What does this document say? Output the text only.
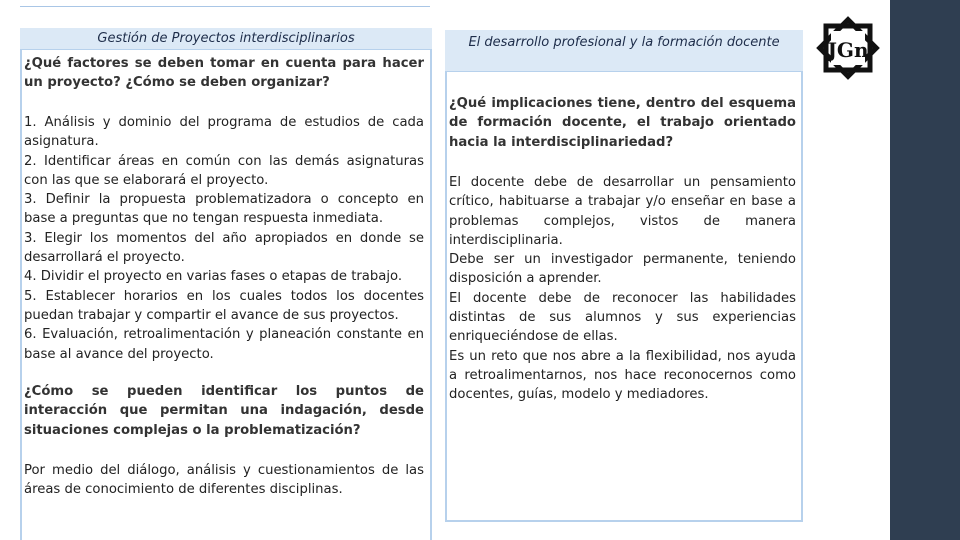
Gestión de Proyectos interdisciplinarios
¿Qué factores se deben tomar en cuenta para hacer un proyecto? ¿Cómo se deben organizar?
1. Análisis y dominio del programa de estudios de cada asignatura.
2. Identificar áreas en común con las demás asignaturas con las que se elaborará el proyecto.
3. Definir la propuesta problematizadora o concepto en base a preguntas que no tengan respuesta inmediata.
3. Elegir los momentos del año apropiados en donde se desarrollará el proyecto.
4. Dividir el proyecto en varias fases o etapas de trabajo.
5. Establecer horarios en los cuales todos los docentes puedan trabajar y compartir el avance de sus proyectos.
6. Evaluación, retroalimentación y planeación constante en base al avance del proyecto.
¿Cómo se pueden identificar los puntos de interacción que permitan una indagación, desde situaciones complejas o la problematización?
Por medio del diálogo, análisis y cuestionamientos de las áreas de conocimiento de diferentes disciplinas.
El desarrollo profesional y la formación docente
¿Qué implicaciones tiene, dentro del esquema de formación docente, el trabajo orientado hacia la interdisciplinariedad?
El docente debe de desarrollar un pensamiento crítico, habituarse a trabajar y/o enseñar en base a problemas complejos, vistos de manera interdisciplinaria.
Debe ser un investigador permanente, teniendo disposición a aprender.
El docente debe de reconocer las habilidades distintas de sus alumnos y sus experiencias enriqueciéndose de ellas.
Es un reto que nos abre a la flexibilidad, nos ayuda a retroalimentarnos, nos hace reconocernos como docentes, guías, modelo y mediadores.
JGn
